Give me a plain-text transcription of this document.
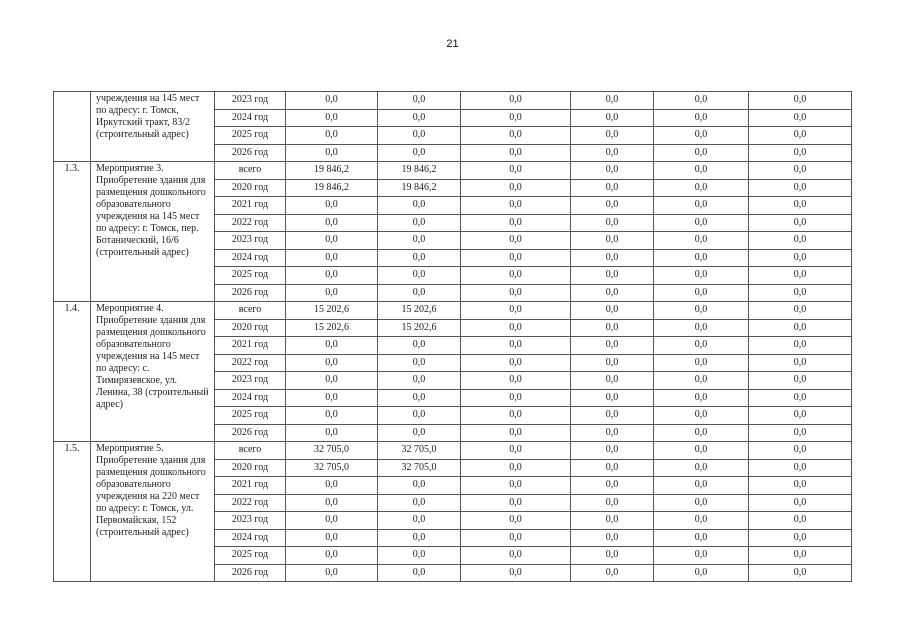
21
	учреждения на 145 мест по адресу: г. Томск, Иркутский тракт, 83/2 (строительный адрес)	2023 год	0,0	0,0	0,0	0,0	0,0	0,0
		2024 год	0,0	0,0	0,0	0,0	0,0	0,0
		2025 год	0,0	0,0	0,0	0,0	0,0	0,0
		2026 год	0,0	0,0	0,0	0,0	0,0	0,0
1.3.	Мероприятие 3. Приобретение здания для размещения дошкольного образовательного учреждения на 145 мест по адресу: г. Томск, пер. Ботанический, 16/6 (строительный адрес)	всего	19 846,2	19 846,2	0,0	0,0	0,0	0,0
		2020 год	19 846,2	19 846,2	0,0	0,0	0,0	0,0
		2021 год	0,0	0,0	0,0	0,0	0,0	0,0
		2022 год	0,0	0,0	0,0	0,0	0,0	0,0
		2023 год	0,0	0,0	0,0	0,0	0,0	0,0
		2024 год	0,0	0,0	0,0	0,0	0,0	0,0
		2025 год	0,0	0,0	0,0	0,0	0,0	0,0
		2026 год	0,0	0,0	0,0	0,0	0,0	0,0
1.4.	Мероприятие 4. Приобретение здания для размещения дошкольного образовательного учреждения на 145 мест по адресу: с. Тимирязевское, ул. Ленина, 38 (строительный адрес)	всего	15 202,6	15 202,6	0,0	0,0	0,0	0,0
		2020 год	15 202,6	15 202,6	0,0	0,0	0,0	0,0
		2021 год	0,0	0,0	0,0	0,0	0,0	0,0
		2022 год	0,0	0,0	0,0	0,0	0,0	0,0
		2023 год	0,0	0,0	0,0	0,0	0,0	0,0
		2024 год	0,0	0,0	0,0	0,0	0,0	0,0
		2025 год	0,0	0,0	0,0	0,0	0,0	0,0
		2026 год	0,0	0,0	0,0	0,0	0,0	0,0
1.5.	Мероприятие 5. Приобретение здания для размещения дошкольного образовательного учреждения на 220 мест по адресу: г. Томск, ул. Первомайская, 152 (строительный адрес)	всего	32 705,0	32 705,0	0,0	0,0	0,0	0,0
		2020 год	32 705,0	32 705,0	0,0	0,0	0,0	0,0
		2021 год	0,0	0,0	0,0	0,0	0,0	0,0
		2022 год	0,0	0,0	0,0	0,0	0,0	0,0
		2023 год	0,0	0,0	0,0	0,0	0,0	0,0
		2024 год	0,0	0,0	0,0	0,0	0,0	0,0
		2025 год	0,0	0,0	0,0	0,0	0,0	0,0
		2026 год	0,0	0,0	0,0	0,0	0,0	0,0
